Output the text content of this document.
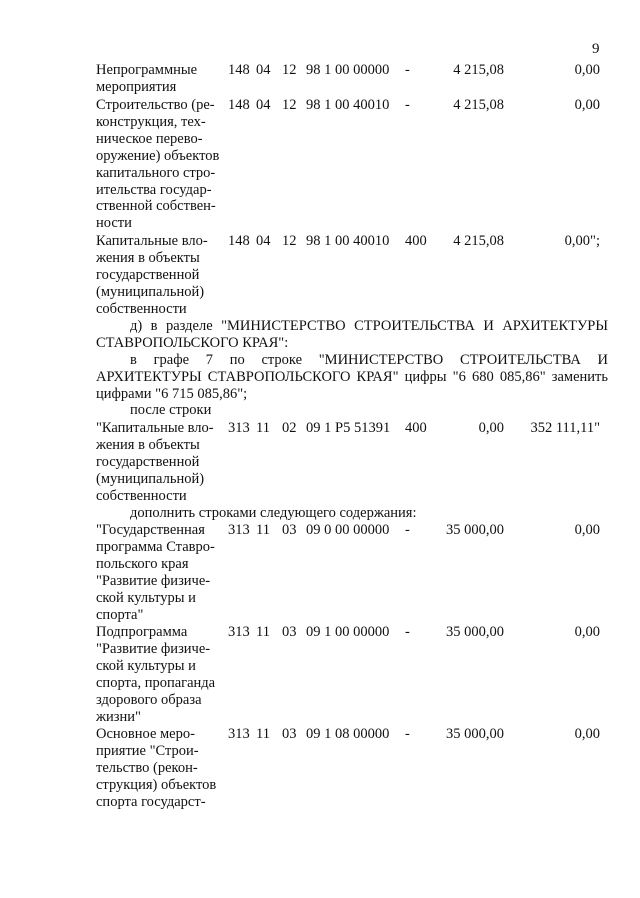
9
Непрограммные
мероприятия
148 04 12 98 1 00 00000 -	4 215,08	0,00
Строительство (ре-
конструкция, тех-
ническое перево-
оружение) объектов
капитального стро-
ительства государ-
ственной собствен-
ности
148 04 12 98 1 00 40010 -	4 215,08	0,00
Капитальные вло-
жения в объекты
государственной
(муниципальной)
собственности
148 04 12 98 1 00 40010 400 4 215,08	0,00";
д) в разделе "МИНИСТЕРСТВО СТРОИТЕЛЬСТВА И АРХИТЕКТУРЫ СТАВРОПОЛЬСКОГО КРАЯ":
в графе 7 по строке "МИНИСТЕРСТВО СТРОИТЕЛЬСТВА И АРХИТЕКТУРЫ СТАВРОПОЛЬСКОГО КРАЯ" цифры "6 680 085,86" заменить цифрами "6 715 085,86";
после строки
"Капитальные вло-
жения в объекты
государственной
(муниципальной)
собственности
313 11 02 09 1 P5 51391 400	0,00 352 111,11"
дополнить строками следующего содержания:
"Государственная
программа Ставро-
польского края
"Развитие физиче-
ской культуры и
спорта"
313 11 03 09 0 00 00000 - 35 000,00	0,00
Подпрограмма
"Развитие физиче-
ской культуры и
спорта, пропаганда
здорового образа
жизни"
313 11 03 09 1 00 00000 - 35 000,00	0,00
Основное меро-
приятие "Строи-
тельство (рекон-
струкция) объектов
спорта государст-
313 11 03 09 1 08 00000 - 35 000,00	0,00
